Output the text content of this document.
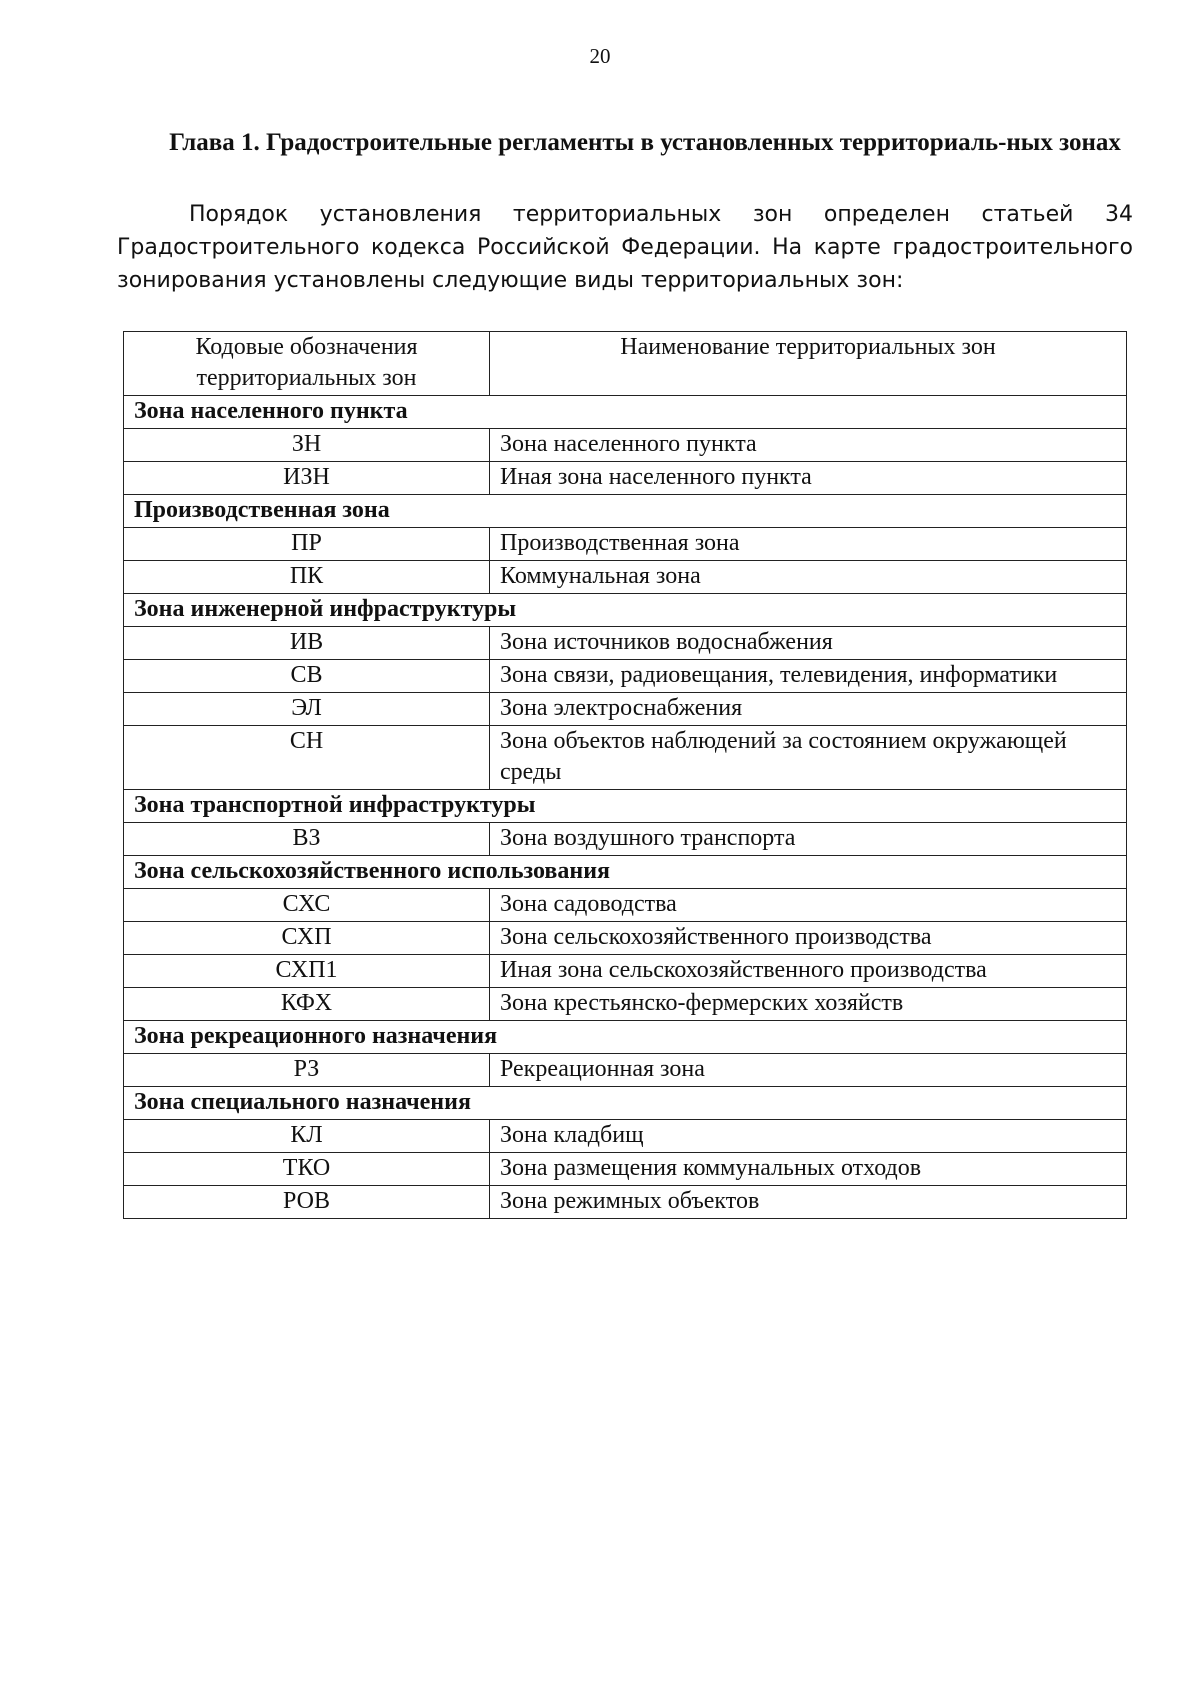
20
Глава 1. Градостроительные регламенты в установленных территориаль-ных зонах

Порядок установления территориальных зон определен статьей 34 Градостроительного кодекса Российской Федерации. На карте градостроительного зонирования установлены следующие виды территориальных зон:

Кодовые обозначения территориальных зон	Наименование территориальных зон
Зона населенного пункта	
ЗН	Зона населенного пункта
ИЗН	Иная зона населенного пункта
Производственная зона	
ПР	Производственная зона
ПК	Коммунальная зона
Зона инженерной инфраструктуры	
ИВ	Зона источников водоснабжения
СВ	Зона связи, радиовещания, телевидения, информатики
ЭЛ	Зона электроснабжения
СН	Зона объектов наблюдений за состоянием окружающей среды
Зона транспортной инфраструктуры	
ВЗ	Зона воздушного транспорта
Зона сельскохозяйственного использования	
СХС	Зона садоводства
СХП	Зона сельскохозяйственного производства
СХП1	Иная зона сельскохозяйственного производства
КФХ	Зона крестьянско-фермерских хозяйств
Зона рекреационного назначения	
РЗ	Рекреационная зона
Зона специального назначения	
КЛ	Зона кладбищ
ТКО	Зона размещения коммунальных отходов
РОВ	Зона режимных объектов
